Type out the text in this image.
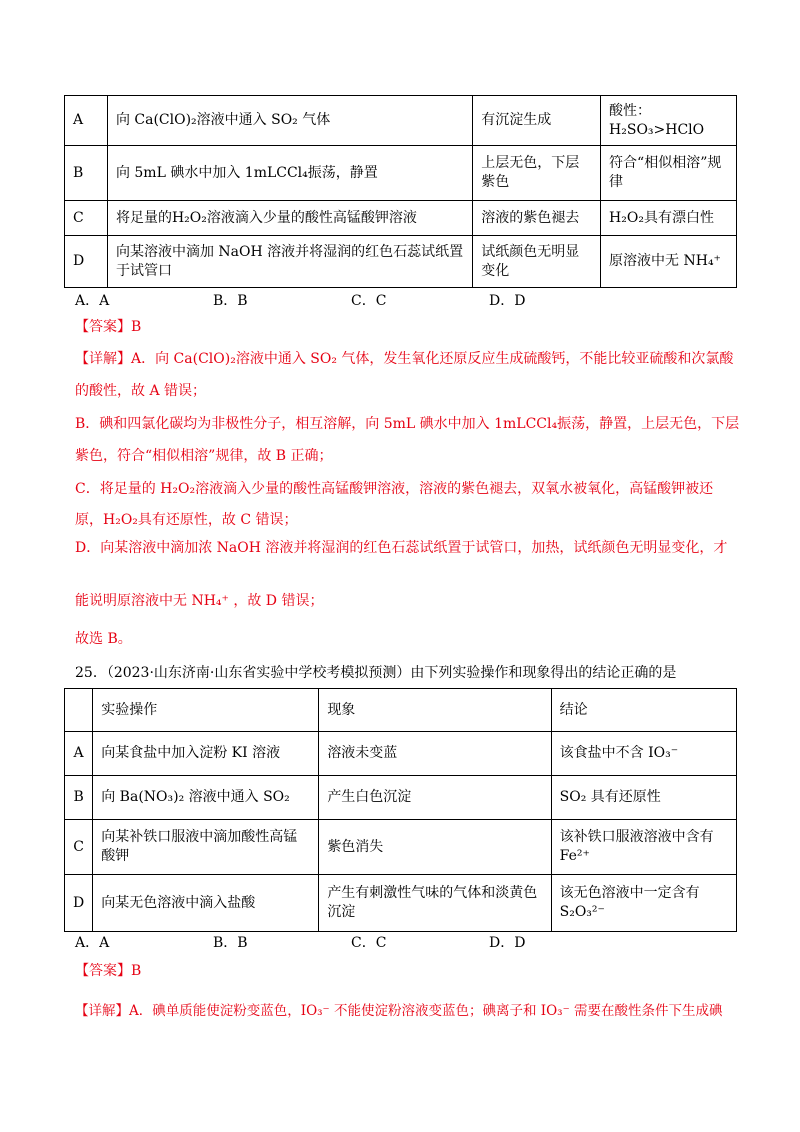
A	向 Ca(ClO)₂溶液中通入 SO₂ 气体	有沉淀生成	酸性：H₂SO₃>HClO
B	向 5mL 碘水中加入 1mLCCl₄振荡，静置	上层无色，下层紫色	符合“相似相溶”规律
C	将足量的H₂O₂溶液滴入少量的酸性高锰酸钾溶液	溶液的紫色褪去	H₂O₂具有漂白性
D	向某溶液中滴加 NaOH 溶液并将湿润的红色石蕊试纸置于试管口	试纸颜色无明显变化	原溶液中无 NH₄⁺
A．A	B．B	C．C	D．D
【答案】B
【详解】A．向 Ca(ClO)₂溶液中通入 SO₂ 气体，发生氧化还原反应生成硫酸钙，不能比较亚硫酸和次氯酸
的酸性，故 A 错误；
B．碘和四氯化碳均为非极性分子，相互溶解，向 5mL 碘水中加入 1mLCCl₄振荡，静置，上层无色，下层
紫色，符合“相似相溶”规律，故 B 正确；
C．将足量的 H₂O₂溶液滴入少量的酸性高锰酸钾溶液，溶液的紫色褪去，双氧水被氧化，高锰酸钾被还
原，H₂O₂具有还原性，故 C 错误；
D．向某溶液中滴加浓 NaOH 溶液并将湿润的红色石蕊试纸置于试管口，加热，试纸颜色无明显变化，才
能说明原溶液中无 NH₄⁺ ，故 D 错误；
故选 B。
25．（2023·山东济南·山东省实验中学校考模拟预测）由下列实验操作和现象得出的结论正确的是
	实验操作	现象	结论
A	向某食盐中加入淀粉 KI 溶液	溶液未变蓝	该食盐中不含 IO₃⁻
B	向 Ba(NO₃)₂ 溶液中通入 SO₂	产生白色沉淀	SO₂ 具有还原性
C	向某补铁口服液中滴加酸性高锰酸钾	紫色消失	该补铁口服液溶液中含有 Fe²⁺
D	向某无色溶液中滴入盐酸	产生有刺激性气味的气体和淡黄色沉淀	该无色溶液中一定含有 S₂O₃²⁻
A．A	B．B	C．C	D．D
【答案】B
【详解】A．碘单质能使淀粉变蓝色，IO₃⁻ 不能使淀粉溶液变蓝色；碘离子和 IO₃⁻ 需要在酸性条件下生成碘
